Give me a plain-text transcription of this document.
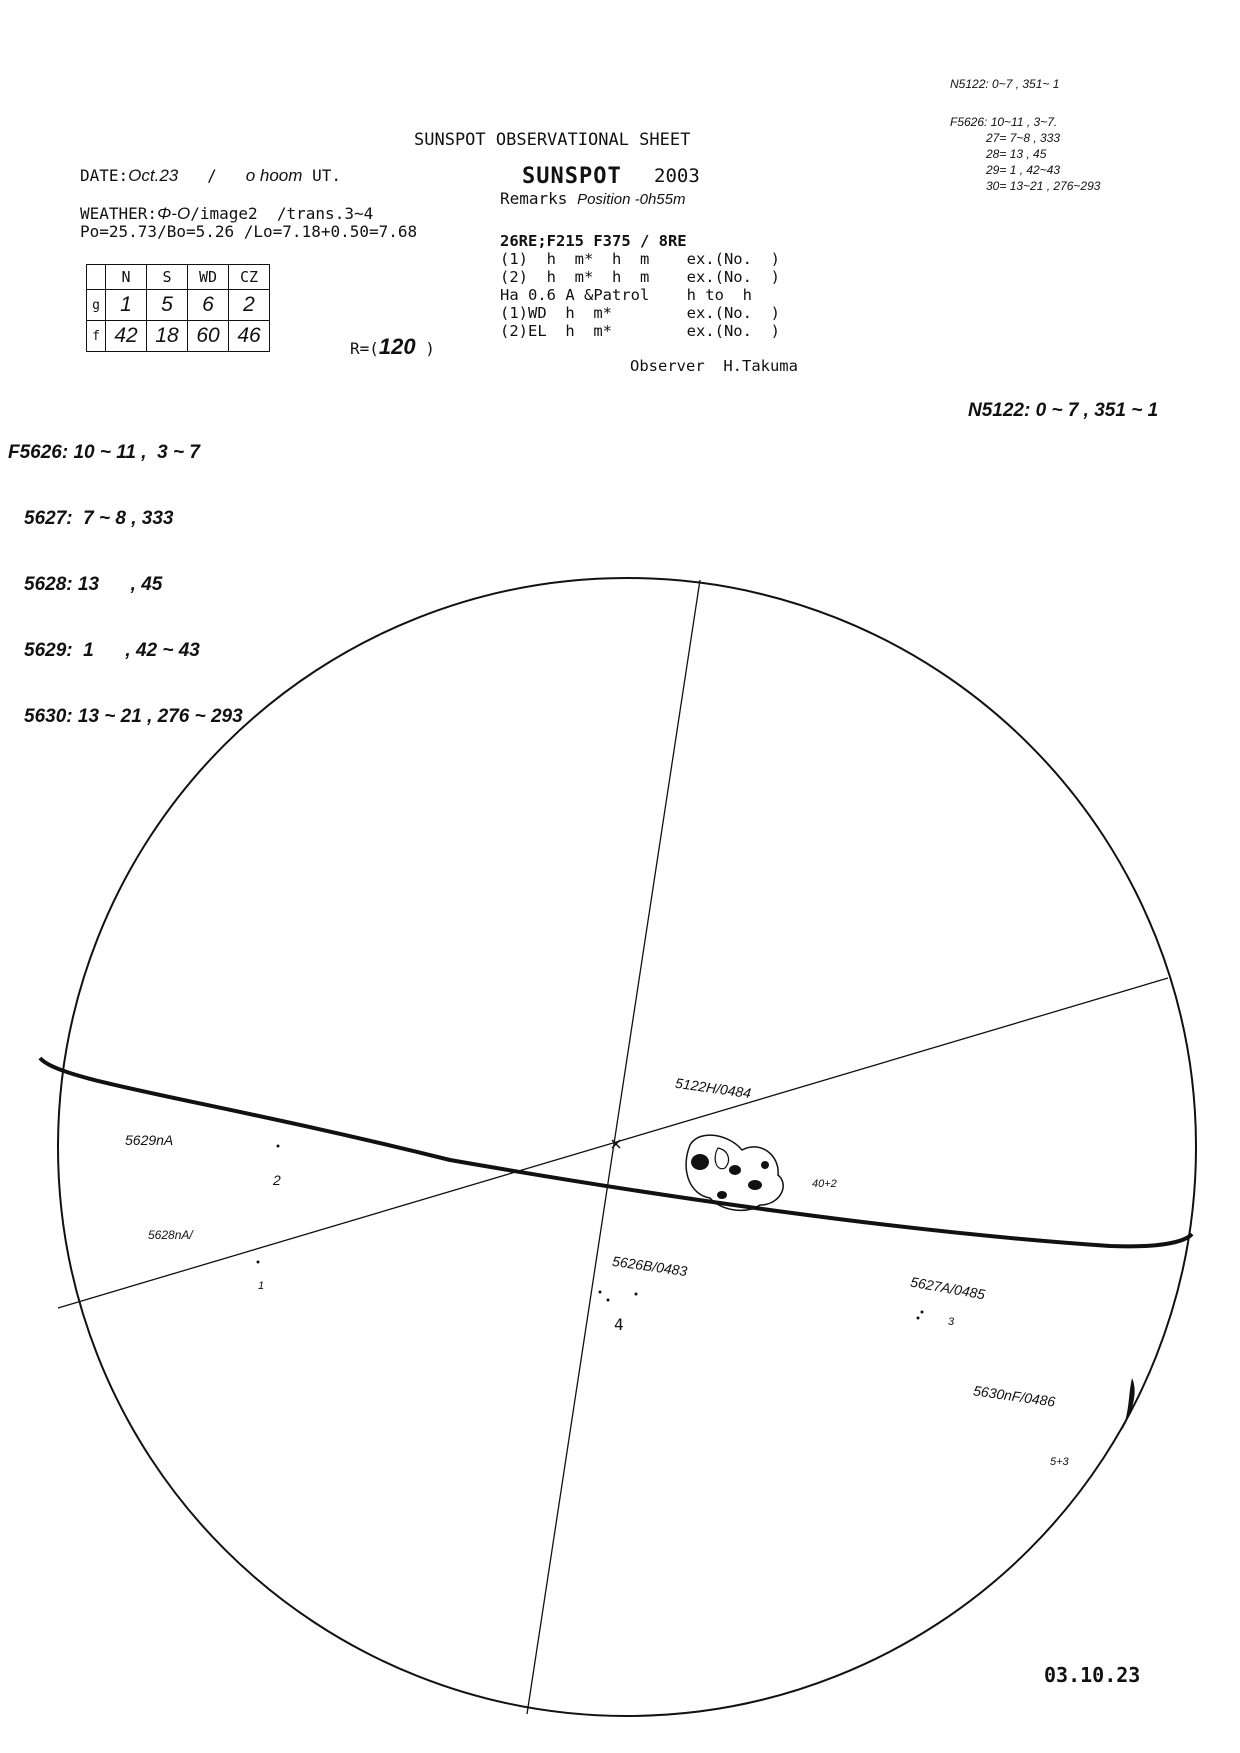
SUNSPOT OBSERVATIONAL SHEET
SUNSPOT 2003
DATE:Oct.23 / o hoom UT.
WEATHER:Φ-O/image2 /trans.3~4
Po=25.73/Bo=5.26 /Lo=7.18+0.50=7.68
	N	S	WD	CZ
g	1	5	6	2
f	42	18	60	46
R=(120 )
Remarks Position -0h55m
26RE;F215 F375 / 8RE
(1)  h  m*  h  m    ex.(No.  )
(2)  h  m*  h  m    ex.(No.  )
Ha 0.6 A &Patrol    h to  h
(1)WD  h  m*        ex.(No.  )
(2)EL  h  m*        ex.(No.  )
Observer  H.Takuma
N5122: 0~7 , 351~ 1
F5626: 10~11 , 3~7.
27= 7~8 , 333
28= 13 , 45
29= 1 , 42~43
30= 13~21 , 276~293

F5626: 10 ~ 11 ,  3 ~ 7

5627:  7 ~ 8 , 333

5628: 13      , 45

5629:  1      , 42 ~ 43

5630: 13 ~ 21 , 276 ~ 293

N5122: 0 ~ 7 , 351 ~ 1
5122H/0484
40+2
5629nA
2
5628nA/
1
5626B/0483
4
5627A/0485
3
5630nF/0486
5+3
03.10.23
